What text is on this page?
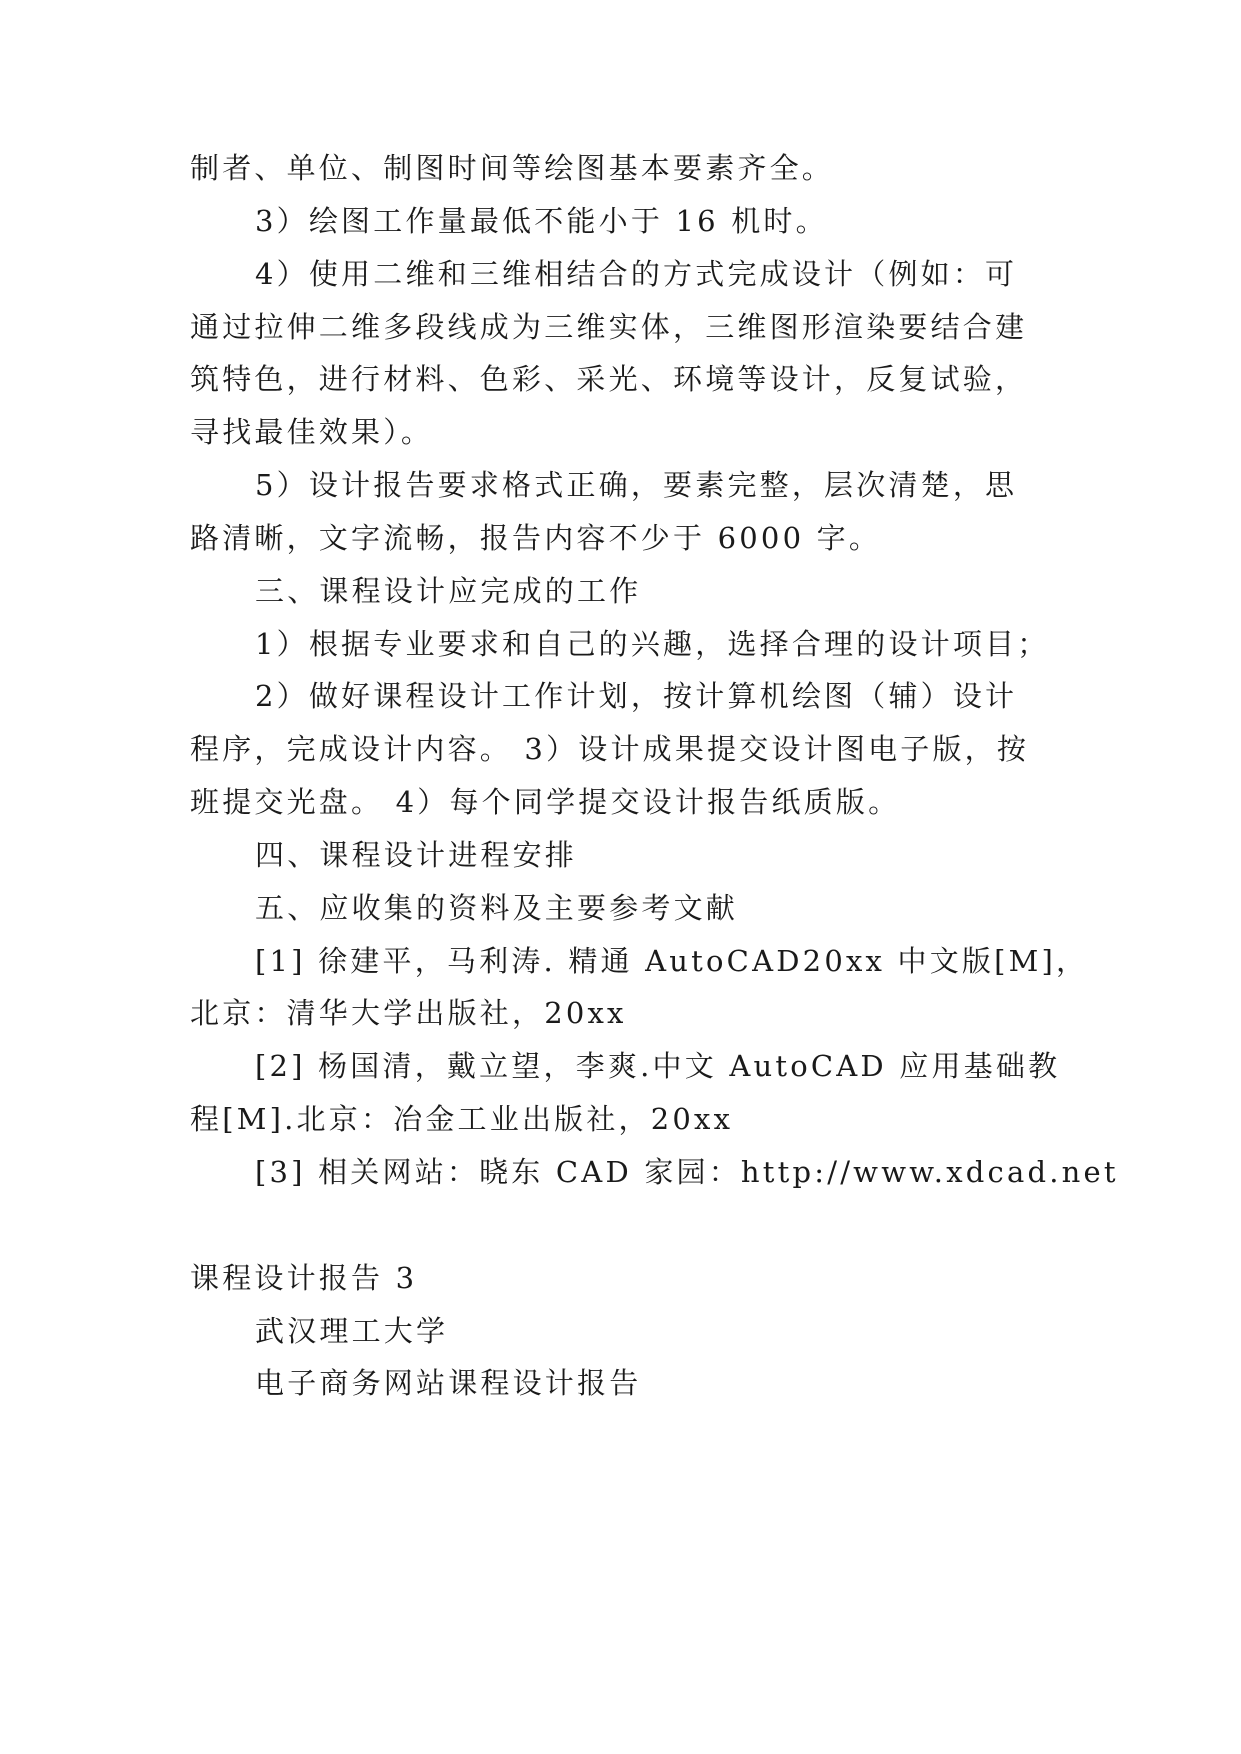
制者、单位、制图时间等绘图基本要素齐全。
3）绘图工作量最低不能小于 16 机时。
4）使用二维和三维相结合的方式完成设计（例如：可
通过拉伸二维多段线成为三维实体，三维图形渲染要结合建
筑特色，进行材料、色彩、采光、环境等设计，反复试验，
寻找最佳效果）。
5）设计报告要求格式正确，要素完整，层次清楚，思
路清晰，文字流畅，报告内容不少于 6000 字。
三、课程设计应完成的工作
1）根据专业要求和自己的兴趣，选择合理的设计项目；
2）做好课程设计工作计划，按计算机绘图（辅）设计
程序，完成设计内容。 3）设计成果提交设计图电子版，按
班提交光盘。 4）每个同学提交设计报告纸质版。
四、课程设计进程安排
五、应收集的资料及主要参考文献
[1] 徐建平，马利涛. 精通 AutoCAD20xx 中文版[M]，
北京：清华大学出版社，20xx
[2] 杨国清，戴立望，李爽.中文 AutoCAD 应用基础教
程[M].北京：冶金工业出版社，20xx
[3] 相关网站：晓东 CAD 家园：http://www.xdcad.net
课程设计报告 3
武汉理工大学
电子商务网站课程设计报告
